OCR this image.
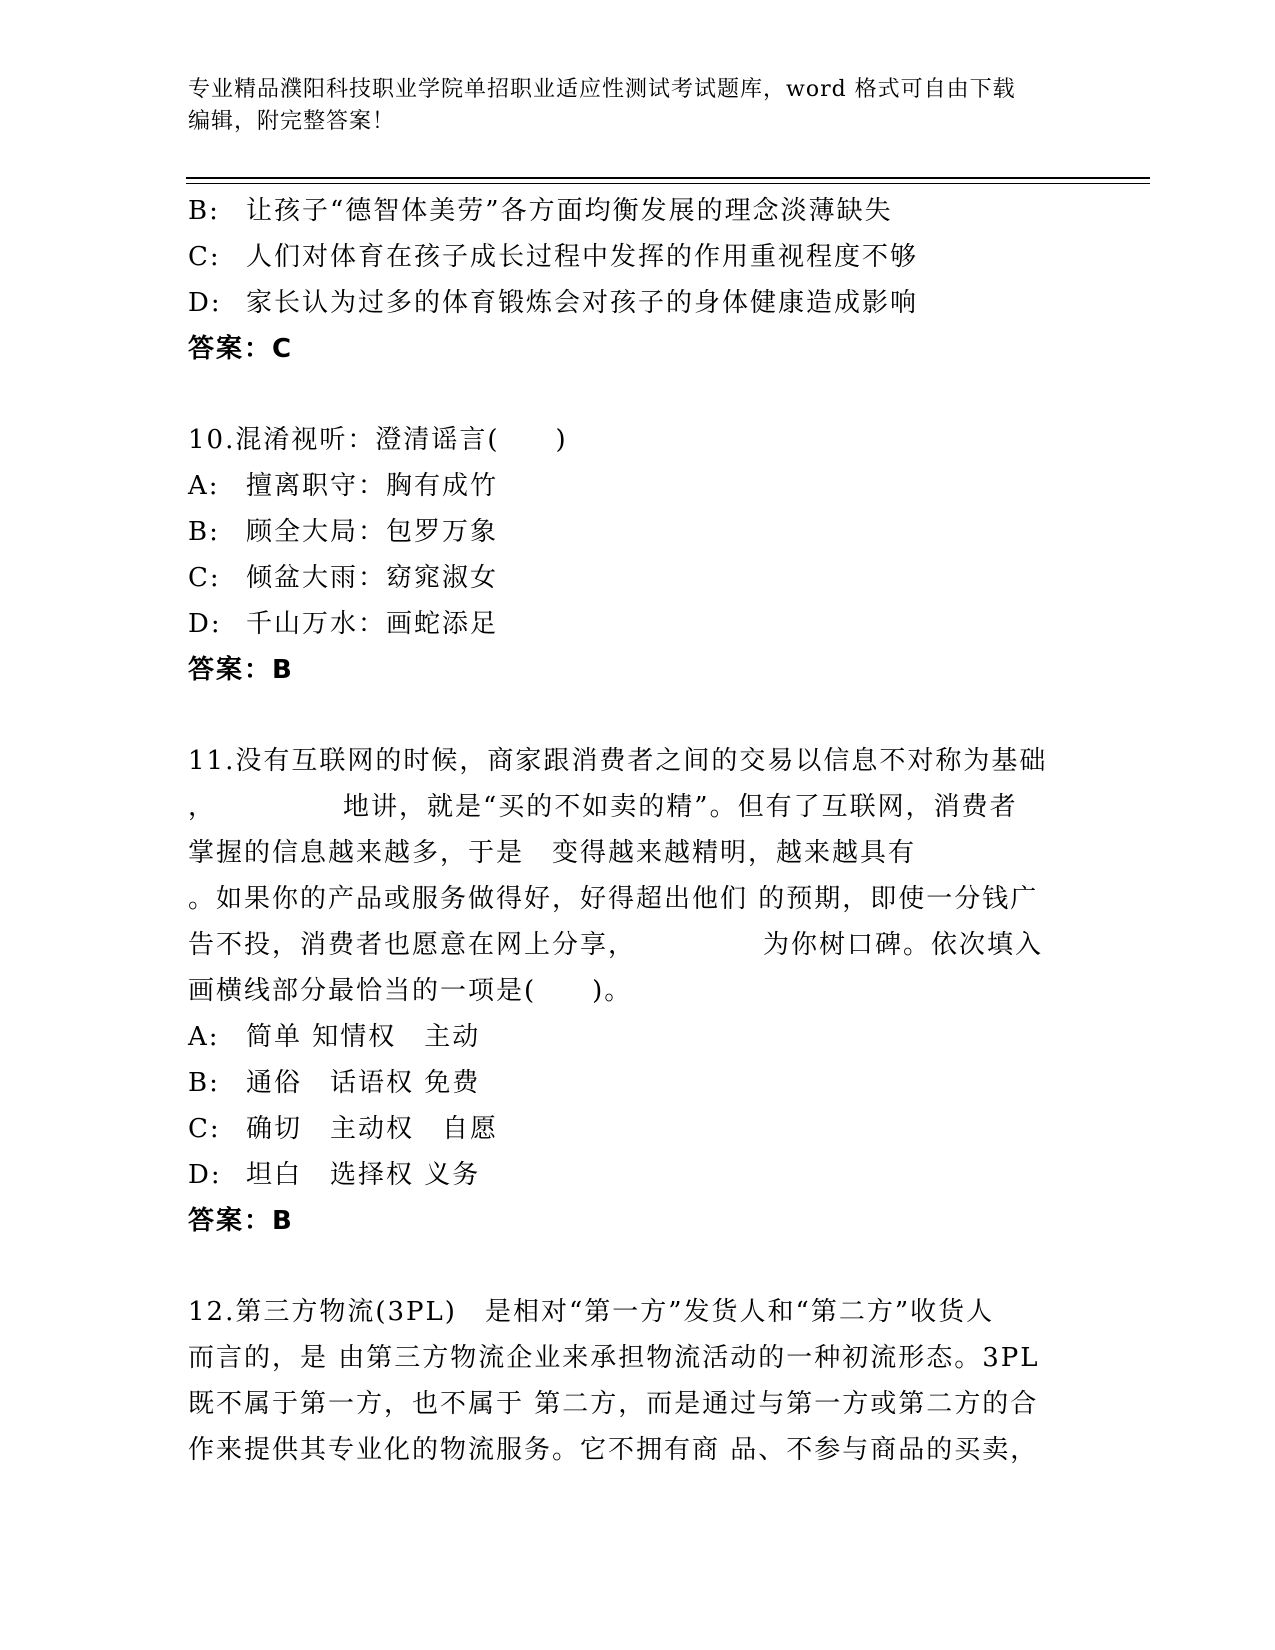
专业精品濮阳科技职业学院单招职业适应性测试考试题库，word 格式可自由下载
编辑，附完整答案！
B: 让孩子“德智体美劳”各方面均衡发展的理念淡薄缺失
C: 人们对体育在孩子成长过程中发挥的作用重视程度不够
D: 家长认为过多的体育锻炼会对孩子的身体健康造成影响
答案：C
10.混淆视听：澄清谣言(　　)
A: 擅离职守：胸有成竹
B: 顾全大局：包罗万象
C: 倾盆大雨：窈窕淑女
D: 千山万水：画蛇添足
答案：B
11.没有互联网的时候，商家跟消费者之间的交易以信息不对称为基础
，　　　　　地讲，就是“买的不如卖的精”。但有了互联网，消费者
掌握的信息越来越多，于是　变得越来越精明，越来越具有
。如果你的产品或服务做得好，好得超出他们 的预期，即使一分钱广
告不投，消费者也愿意在网上分享，　　　　　为你树口碑。依次填入
画横线部分最恰当的一项是(　　)。
A: 简单 知情权　主动
B: 通俗　话语权 免费
C: 确切　主动权　自愿
D: 坦白　选择权 义务
答案：B
12.第三方物流(3PL)　是相对“第一方”发货人和“第二方”收货人
而言的，是 由第三方物流企业来承担物流活动的一种初流形态。3PL
既不属于第一方，也不属于 第二方，而是通过与第一方或第二方的合
作来提供其专业化的物流服务。它不拥有商 品、不参与商品的买卖，
